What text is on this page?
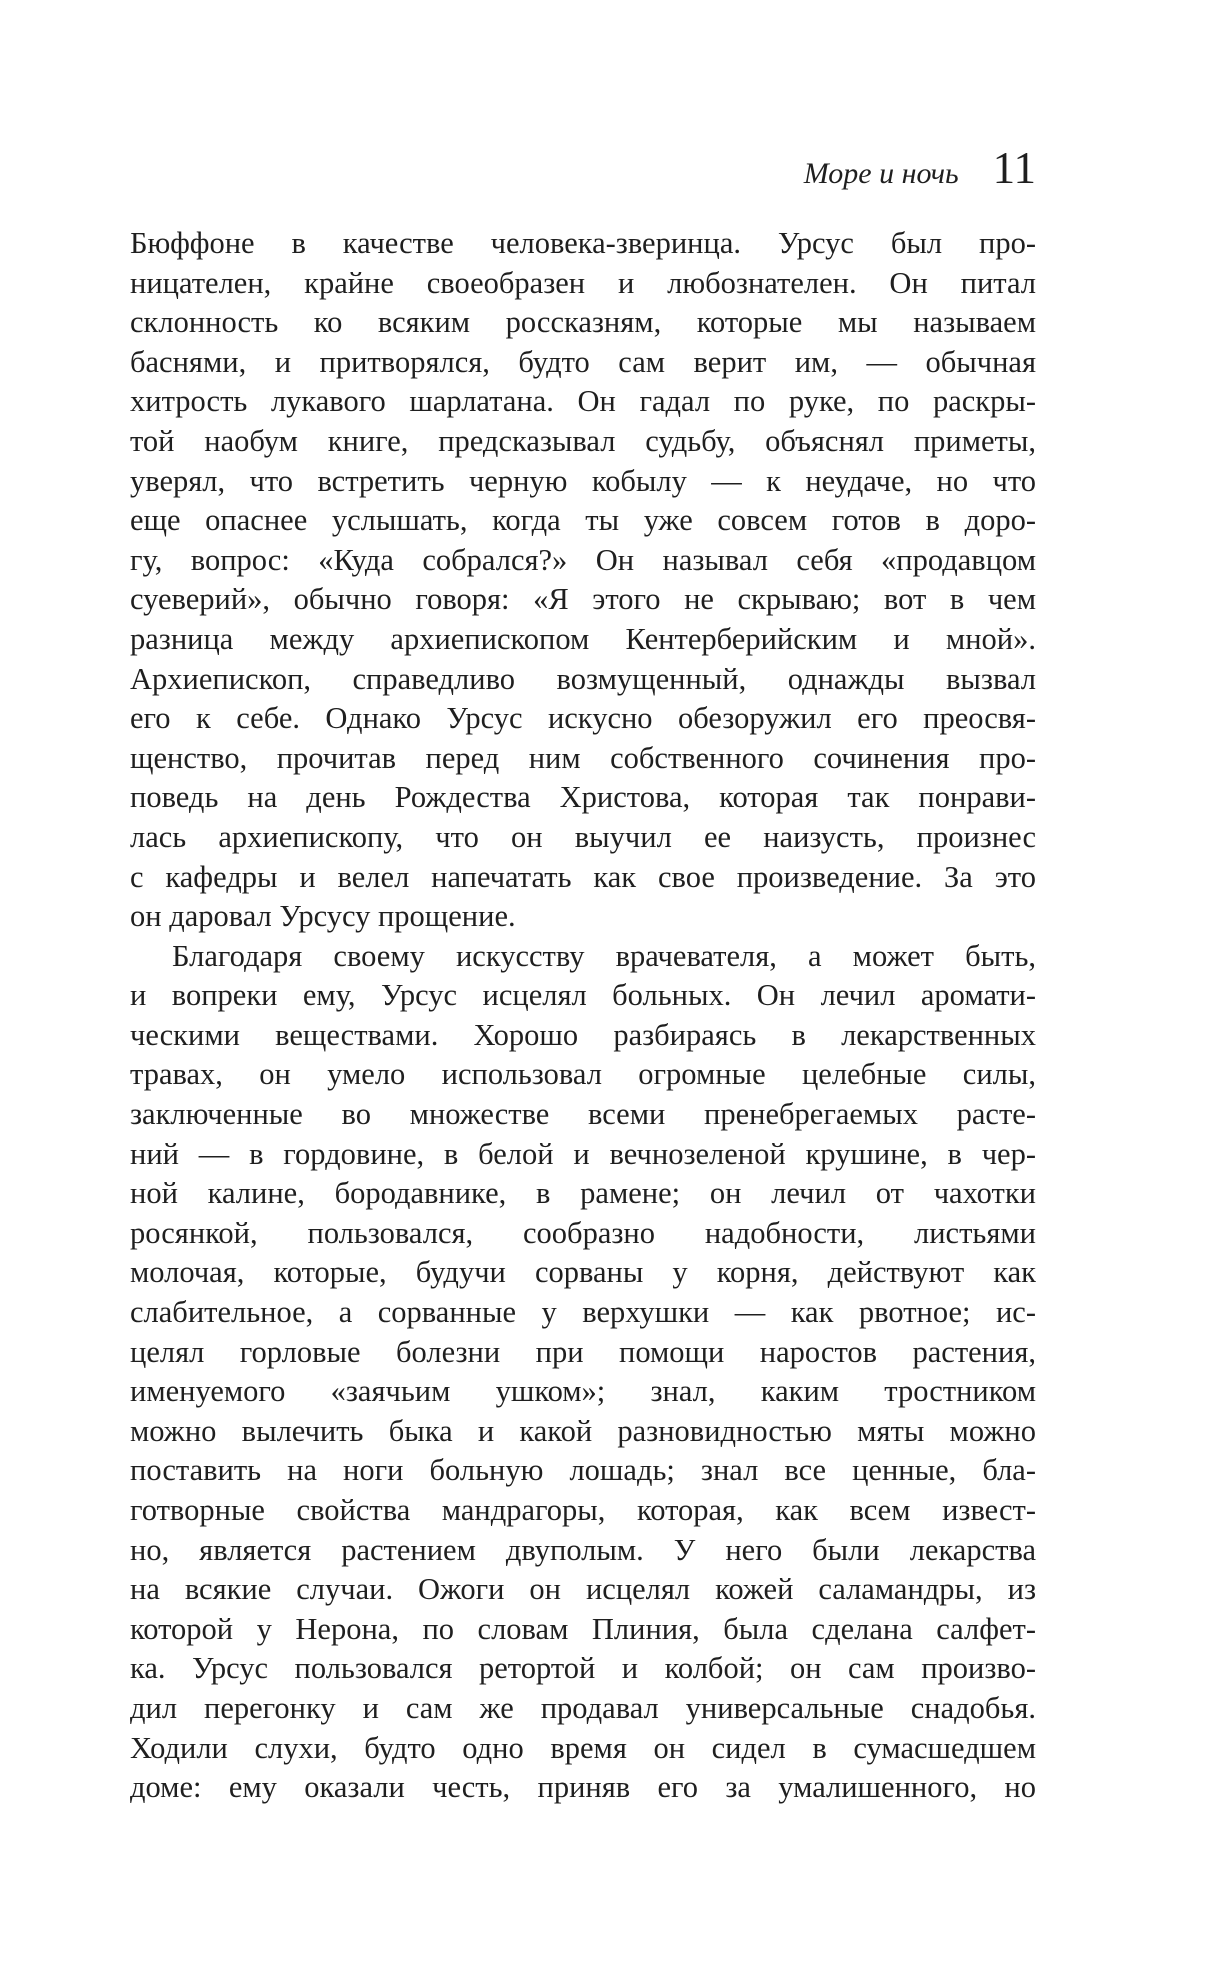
Море и ночь 11
Бюффоне в качестве человека-зверинца. Урсус был про-
ницателен, крайне своеобразен и любознателен. Он питал
склонность ко всяким россказням, которые мы называем
баснями, и притворялся, будто сам верит им, — обычная
хитрость лукавого шарлатана. Он гадал по руке, по раскры-
той наобум книге, предсказывал судьбу, объяснял приметы,
уверял, что встретить черную кобылу — к неудаче, но что
еще опаснее услышать, когда ты уже совсем готов в доро-
гу, вопрос: «Куда собрался?» Он называл себя «продавцом
суеверий», обычно говоря: «Я этого не скрываю; вот в чем
разница между архиепископом Кентерберийским и мной».
Архиепископ, справедливо возмущенный, однажды вызвал
его к себе. Однако Урсус искусно обезоружил его преосвя-
щенство, прочитав перед ним собственного сочинения про-
поведь на день Рождества Христова, которая так понрави-
лась архиепископу, что он выучил ее наизусть, произнес
с кафедры и велел напечатать как свое произведение. За это
он даровал Урсусу прощение.
Благодаря своему искусству врачевателя, а может быть,
и вопреки ему, Урсус исцелял больных. Он лечил аромати-
ческими веществами. Хорошо разбираясь в лекарственных
травах, он умело использовал огромные целебные силы,
заключенные во множестве всеми пренебрегаемых расте-
ний — в гордовине, в белой и вечнозеленой крушине, в чер-
ной калине, бородавнике, в рамене; он лечил от чахотки
росянкой, пользовался, сообразно надобности, листьями
молочая, которые, будучи сорваны у корня, действуют как
слабительное, а сорванные у верхушки — как рвотное; ис-
целял горловые болезни при помощи наростов растения,
именуемого «заячьим ушком»; знал, каким тростником
можно вылечить быка и какой разновидностью мяты можно
поставить на ноги больную лошадь; знал все ценные, бла-
готворные свойства мандрагоры, которая, как всем извест-
но, является растением двуполым. У него были лекарства
на всякие случаи. Ожоги он исцелял кожей саламандры, из
которой у Нерона, по словам Плиния, была сделана салфет-
ка. Урсус пользовался ретортой и колбой; он сам произво-
дил перегонку и сам же продавал универсальные снадобья.
Ходили слухи, будто одно время он сидел в сумасшедшем
доме: ему оказали честь, приняв его за умалишенного, но
